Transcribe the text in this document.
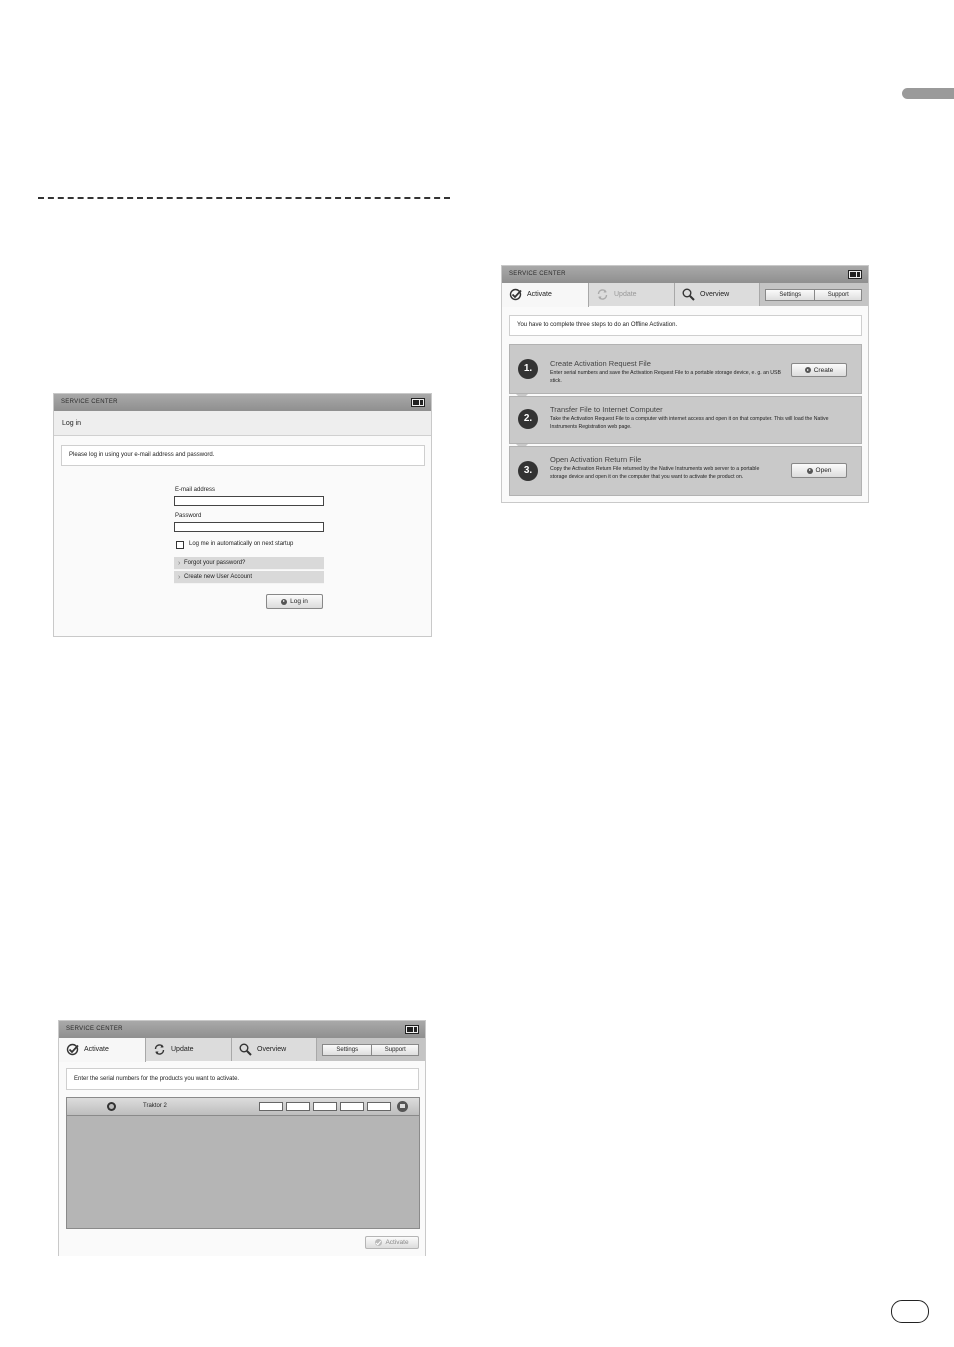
SERVICE CENTER
Log in
Please log in using your e-mail address and password.
E-mail address
Password
Log me in automatically on next startup
› Forgot your password?
› Create new User Account
Log in
SERVICE CENTER
Activate	Update	Overview	Settings	Support
You have to complete three steps to do an Offline Activation.
1.	Create Activation Request File
Enter serial numbers and save the Activation Request File to a portable storage device, e. g. an USB stick.
Create
2.
Transfer File to Internet Computer
Take the Activation Request File to a computer with internet access and open it on that computer. This will load the Native Instruments Registration web page.
3.
Open Activation Return File
Copy the Activation Return File returned by the Native Instruments web server to a portable storage device and open it on the computer that you want to activate the product on.
Open
SERVICE CENTER
Activate	Update	Overview	Settings	Support
Enter the serial numbers for the products you want to activate.
Traktor 2
Activate
